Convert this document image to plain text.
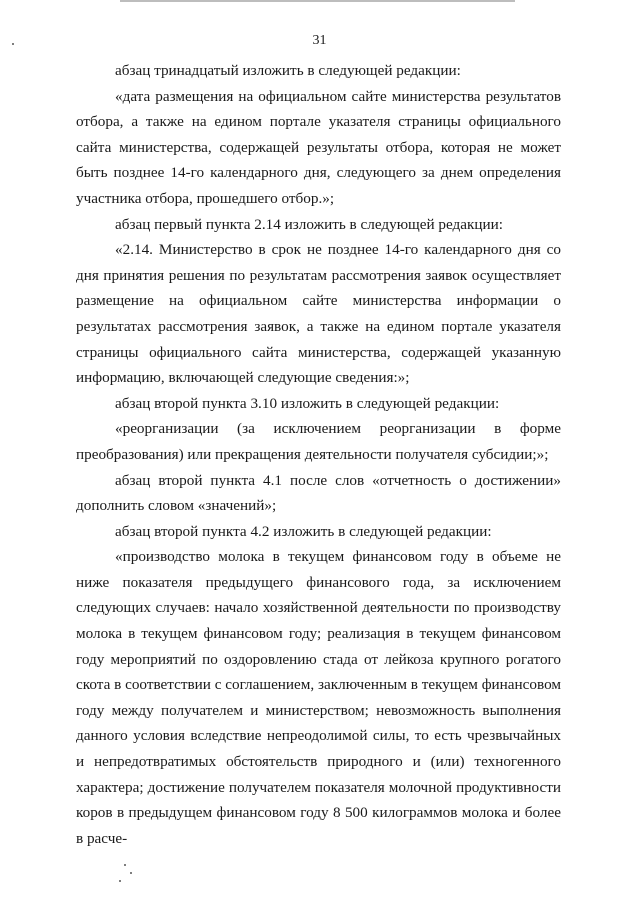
31

абзац тринадцатый изложить в следующей редакции:

«дата размещения на официальном сайте министерства результатов отбора, а также на едином портале указателя страницы официального сайта министерства, содержащей результаты отбора, которая не может быть позднее 14-го календарного дня, следующего за днем определения участника отбора, прошедшего отбор.»;

абзац первый пункта 2.14 изложить в следующей редакции:

«2.14. Министерство в срок не позднее 14-го календарного дня со дня принятия решения по результатам рассмотрения заявок осуществляет размещение на официальном сайте министерства информации о результатах рассмотрения заявок, а также на едином портале указателя страницы официального сайта министерства, содержащей указанную информацию, включающей следующие сведения:»;

абзац второй пункта 3.10 изложить в следующей редакции:

«реорганизации (за исключением реорганизации в форме преобразования) или прекращения деятельности получателя субсидии;»;

абзац второй пункта 4.1 после слов «отчетность о достижении» дополнить словом «значений»;

абзац второй пункта 4.2 изложить в следующей редакции:

«производство молока в текущем финансовом году в объеме не ниже показателя предыдущего финансового года, за исключением следующих случаев: начало хозяйственной деятельности по производству молока в текущем финансовом году; реализация в текущем финансовом году мероприятий по оздоровлению стада от лейкоза крупного рогатого скота в соответствии с соглашением, заключенным в текущем финансовом году между получателем и министерством; невозможность выполнения данного условия вследствие непреодолимой силы, то есть чрезвычайных и непредотвратимых обстоятельств природного и (или) техногенного характера; достижение получателем показателя молочной продуктивности коров в предыдущем финансовом году 8 500 килограммов молока и более в расче-
